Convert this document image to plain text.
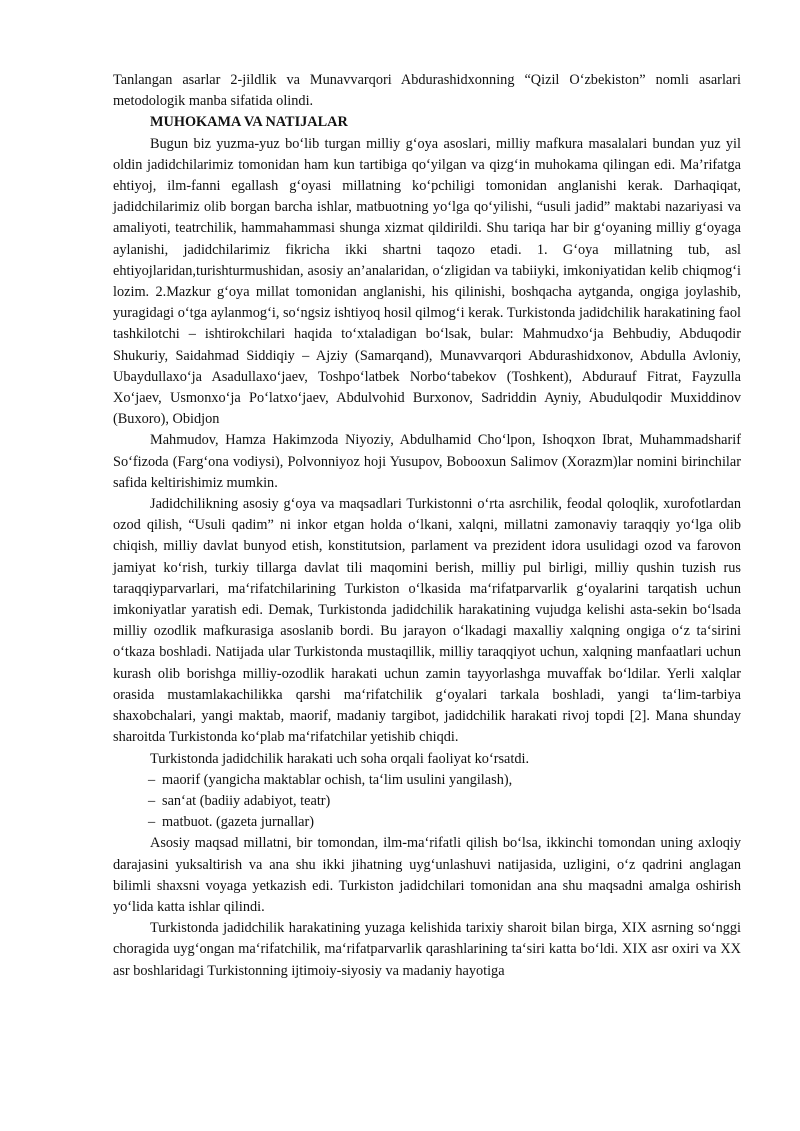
Tanlangan asarlar 2-jildlik va Munavvarqori Abdurashidxonning “Qizil O‘zbekiston” nomli asarlari metodologik manba sifatida olindi.

MUHOKAMA VA NATIJALAR

Bugun biz yuzma-yuz bo‘lib turgan milliy g‘oya asoslari, milliy mafkura masalalari bundan yuz yil oldin jadidchilarimiz tomonidan ham kun tartibiga qo‘yilgan va qizg‘in muhokama qilingan edi. Ma’rifatga ehtiyoj, ilm-fanni egallash g‘oyasi millatning ko‘pchiligi tomonidan anglanishi kerak. Darhaqiqat, jadidchilarimiz olib borgan barcha ishlar, matbuotning yo‘lga qo‘yilishi, “usuli jadid” maktabi nazariyasi va amaliyoti, teatrchilik, hammahammasi shunga xizmat qildirildi. Shu tariqa har bir g‘oyaning milliy g‘oyaga aylanishi, jadidchilarimiz fikricha ikki shartni taqozo etadi. 1. G‘oya millatning tub, asl ehtiyojlaridan,turishturmushidan, asosiy an’analaridan, o‘zligidan va tabiiyki, imkoniyatidan kelib chiqmog‘i lozim. 2.Mazkur g‘oya millat tomonidan anglanishi, his qilinishi, boshqacha aytganda, ongiga joylashib, yuragidagi o‘tga aylanmog‘i, so‘ngsiz ishtiyoq hosil qilmog‘i kerak. Turkistonda jadidchilik harakatining faol tashkilotchi – ishtirokchilari haqida to‘xtaladigan bo‘lsak, bular: Mahmudxo‘ja Behbudiy, Abduqodir Shukuriy, Saidahmad Siddiqiy – Ajziy (Samarqand), Munavvarqori Abdurashidxonov, Abdulla Avloniy, Ubaydullaxo‘ja Asadullaxo‘jaev, Toshpo‘latbek Norbo‘tabekov (Toshkent), Abdurauf Fitrat, Fayzulla Xo‘jaev, Usmonxo‘ja Po‘latxo‘jaev, Abdulvohid Burxonov, Sadriddin Ayniy, Abudulqodir Muxiddinov (Buxoro), Obidjon

Mahmudov, Hamza Hakimzoda Niyoziy, Abdulhamid Cho‘lpon, Ishoqxon Ibrat, Muhammadsharif So‘fizoda (Farg‘ona vodiysi), Polvonniyoz hoji Yusupov, Bobooxun Salimov (Xorazm)lar nomini birinchilar safida keltirishimiz mumkin.

Jadidchilikning asosiy g‘oya va maqsadlari Turkistonni o‘rta asrchilik, feodal qoloqlik, xurofotlardan ozod qilish, “Usuli qadim” ni inkor etgan holda o‘lkani, xalqni, millatni zamonaviy taraqqiy yo‘lga olib chiqish, milliy davlat bunyod etish, konstitutsion, parlament va prezident idora usulidagi ozod va farovon jamiyat ko‘rish, turkiy tillarga davlat tili maqomini berish, milliy pul birligi, milliy qushin tuzish rus taraqqiyparvarlari, ma‘rifatchilarining Turkiston o‘lkasida ma‘rifatparvarlik g‘oyalarini tarqatish uchun imkoniyatlar yaratish edi. Demak, Turkistonda jadidchilik harakatining vujudga kelishi asta-sekin bo‘lsada milliy ozodlik mafkurasiga asoslanib bordi. Bu jarayon o‘lkadagi maxalliy xalqning ongiga o‘z ta‘sirini o‘tkaza boshladi. Natijada ular Turkistonda mustaqillik, milliy taraqqiyot uchun, xalqning manfaatlari uchun kurash olib borishga milliy-ozodlik harakati uchun zamin tayyorlashga muvaffak bo‘ldilar. Yerli xalqlar orasida mustamlakachilikka qarshi ma‘rifatchilik g‘oyalari tarkala boshladi, yangi ta‘lim-tarbiya shaxobchalari, yangi maktab, maorif, madaniy targibot, jadidchilik harakati rivoj topdi [2]. Mana shunday sharoitda Turkistonda ko‘plab ma‘rifatchilar yetishib chiqdi.

Turkistonda jadidchilik harakati uch soha orqali faoliyat ko‘rsatdi.

– maorif (yangicha maktablar ochish, ta‘lim usulini yangilash),

– san‘at (badiiy adabiyot, teatr)

– matbuot. (gazeta jurnallar)

Asosiy maqsad millatni, bir tomondan, ilm-ma‘rifatli qilish bo‘lsa, ikkinchi tomondan uning axloqiy darajasini yuksaltirish va ana shu ikki jihatning uyg‘unlashuvi natijasida, uzligini, o‘z qadrini anglagan bilimli shaxsni voyaga yetkazish edi. Turkiston jadidchilari tomonidan ana shu maqsadni amalga oshirish yo‘lida katta ishlar qilindi.

Turkistonda jadidchilik harakatining yuzaga kelishida tarixiy sharoit bilan birga, XIX asrning so‘nggi choragida uyg‘ongan ma‘rifatchilik, ma‘rifatparvarlik qarashlarining ta‘siri katta bo‘ldi. XIX asr oxiri va XX asr boshlaridagi Turkistonning ijtimoiy-siyosiy va madaniy hayotiga
